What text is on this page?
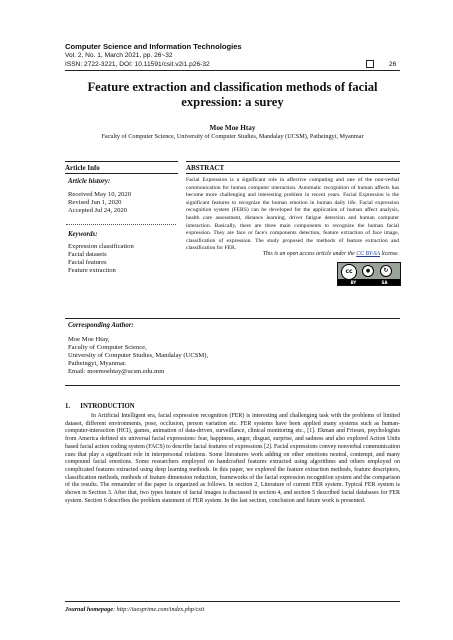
Computer Science and Information Technologies
Vol. 2, No. 1, March 2021, pp. 26~32
ISSN: 2722-3221, DOI: 10.11591/csit.v2i1.p26-32	26
Feature extraction and classification methods of facial
expression: a surey
Moe Moe Htay
Faculty of Computer Science, University of Computer Studies, Mandalay (UCSM), Patheingyi, Myanmar
Article Info	ABSTRACT
Article history:
Received May 10, 2020
Revised Jun 1, 2020
Accepted Jul 24, 2020
Keywords:
Expression classification
Facial datasets
Facial features
Feature extraction
Facial Expression is a significant role in affective computing and one of the non-verbal communication for human computer interaction. Automatic recognition of human affects has become more challenging and interesting problem in recent years. Facial Expression is the significant features to recognize the human emotion in human daily life. Facial expression recognition system (FERS) can be developed for the application of human affect analysis, health care assessment, distance learning, driver fatigue detection and human computer interaction. Basically, there are three main components to recognize the human facial expression. They are face or face's components detection, feature extraction of face image, classification of expression. The study proposed the methods of feature extraction and classification for FER.
This is an open access article under the CC BY-SA license.
cc	●	↻
BY	SA
Corresponding Author:
Moe Moe Htay,
Faculty of Computer Science,
University of Computer Studies, Mandalay (UCSM),
Patheingyi, Myanmar.
Email: moemoehtay@ucsm.edu.mm
1.      INTRODUCTION
In Artificial Intelligent era, facial expression recognition (FER) is interesting and challenging task with the problems of limited dataset, different environments, pose, occlusion, person variation etc. FER systems have been applied many systems such as human-computer-interaction (HCI), games, animation of data-driven, surveillance, clinical monitoring etc., [1]. Ekman and Friesen, psychologists from America defined six universal facial expressions: fear, happiness, anger, disgust, surprise, and sadness and also explored Action Units based facial action coding system (FACS) to describe facial features of expressions [2]. Facial expressions convey nonverbal communication cues that play a significant role in interpersonal relations. Some literatures work adding on other emotions neutral, contempt, and many compound facial emotions. Some researchers employed on handcrafted features extracted using algorithms and others employed on complicated features extracted using deep learning methods. In this paper, we explored the feature extraction methods, feature descriptors, classification methods, methods of feature dimension reduction, frameworks of the facial expression recognition system and the comparison of the results. The remainder of the paper is organized as follows. In section 2, Literature of current FER system. Typical FER system is shown in Section 3. After that, two types feature of facial images is discussed in section 4, and section 5 described facial databases for FER system. Section 6 describes the problem statement of FER system. In the last section, conclusion and future work is presented.
Journal homepage: http://iaesprime.com/index.php/csit
